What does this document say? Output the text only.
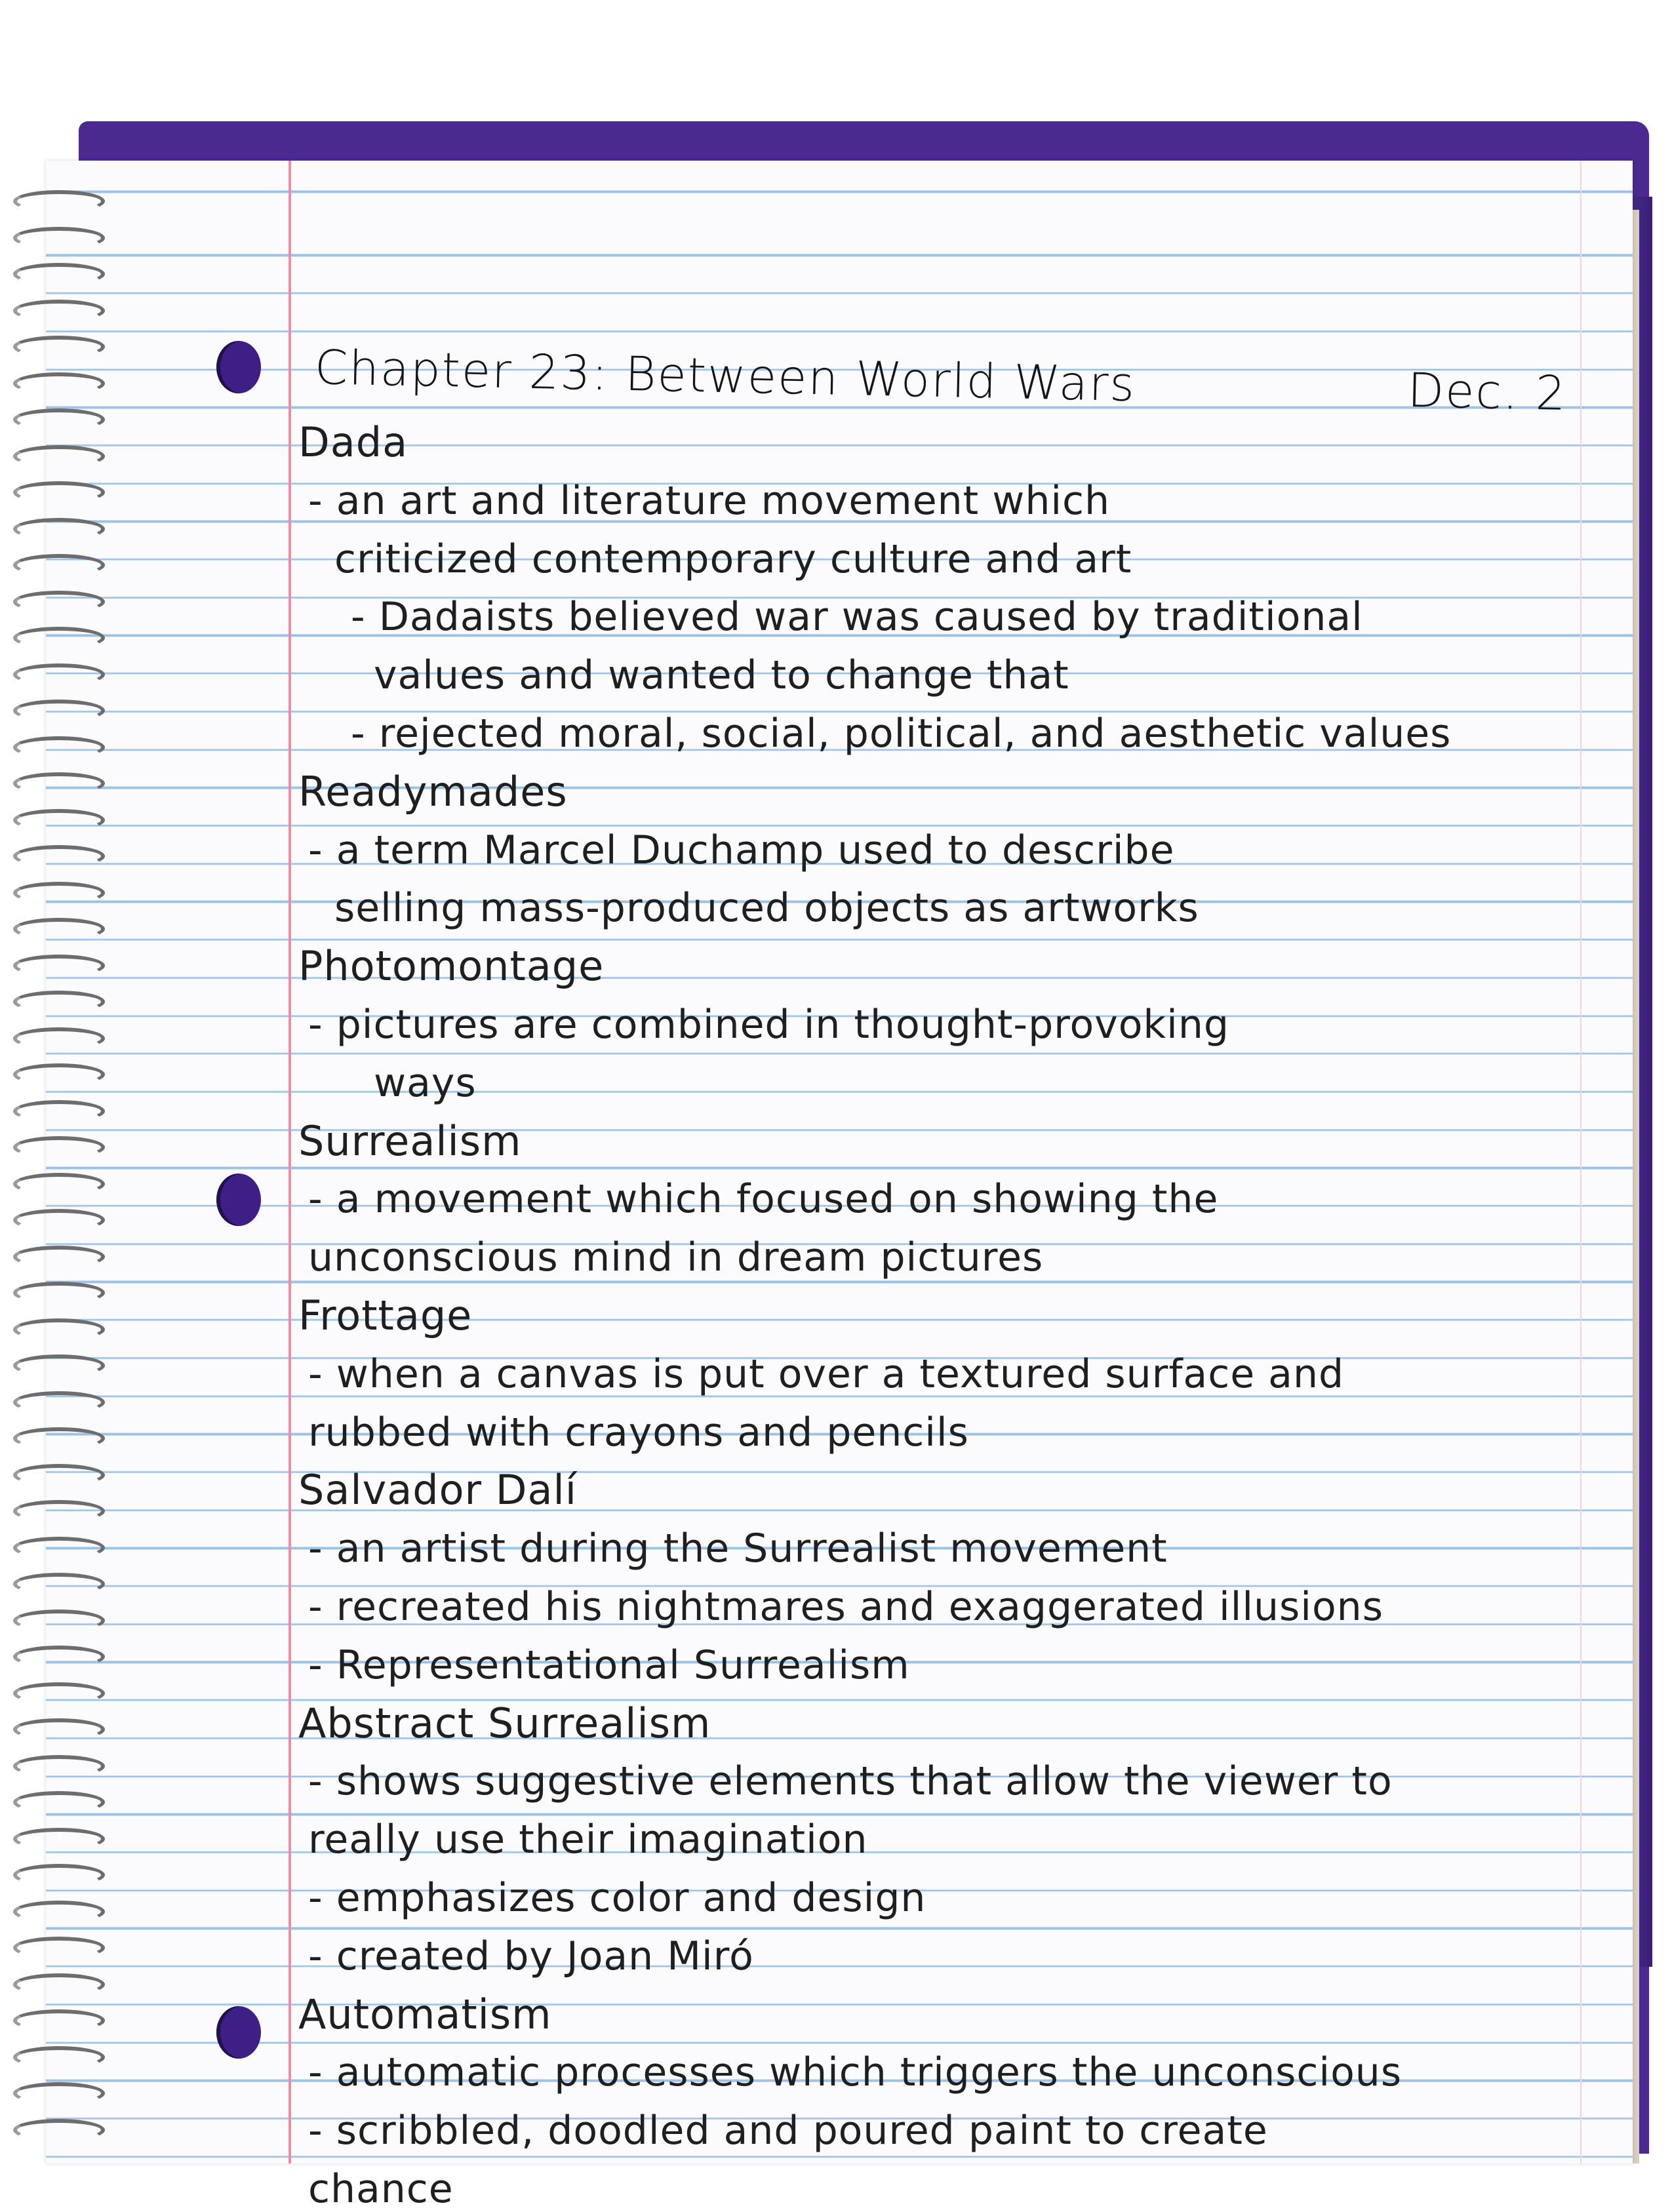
Chapter 23: Between World Wars	Dec. 2
Dada
- an art and literature movement which
criticized contemporary culture and art
- Dadaists believed war was caused by traditional
values and wanted to change that
- rejected moral, social, political, and aesthetic values
Readymades
- a term Marcel Duchamp used to describe
selling mass-produced objects as artworks
Photomontage
- pictures are combined in thought-provoking
ways
Surrealism
- a movement which focused on showing the
unconscious mind in dream pictures
Frottage
- when a canvas is put over a textured surface and
rubbed with crayons and pencils
Salvador Dalí
- an artist during the Surrealist movement
- recreated his nightmares and exaggerated illusions
- Representational Surrealism
Abstract Surrealism
- shows suggestive elements that allow the viewer to
really use their imagination
- emphasizes color and design
- created by Joan Miró
Automatism
- automatic processes which triggers the unconscious
- scribbled, doodled and poured paint to create
chance
